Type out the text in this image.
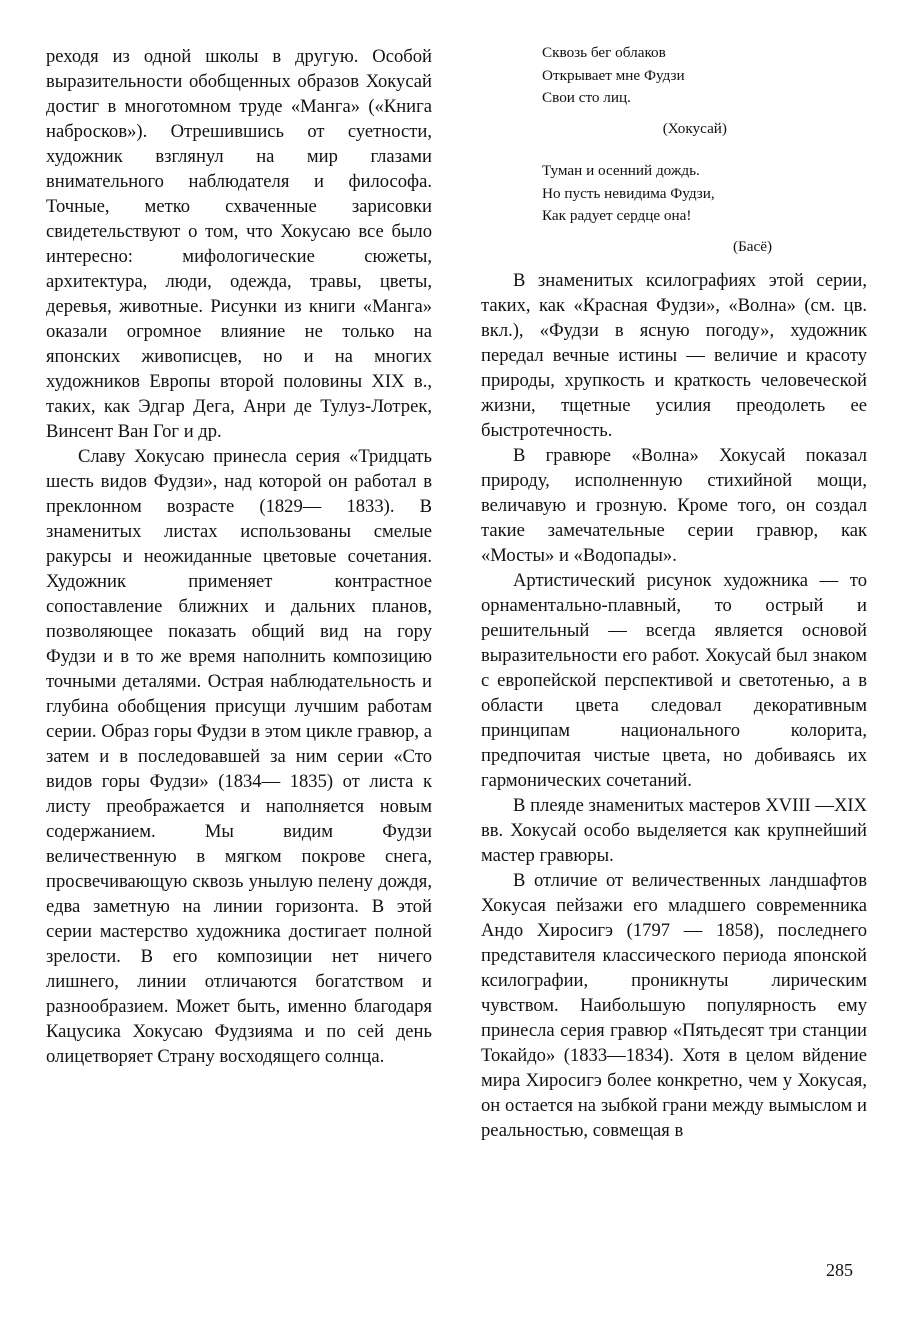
реходя из одной школы в другую. Особой выразительности обобщенных образов Хокусай достиг в многотомном труде «Манга» («Книга набросков»). Отрешившись от суетности, художник взглянул на мир глазами внимательного наблюдателя и философа. Точные, метко схваченные зарисовки свидетельствуют о том, что Хокусаю все было интересно: мифологические сюжеты, архитектура, люди, одежда, травы, цветы, деревья, животные. Рисунки из книги «Манга» оказали огромное влияние не только на японских живописцев, но и на многих художников Европы второй половины XIX в., таких, как Эдгар Дега, Анри де Тулуз-Лотрек, Винсент Ван Гог и др.

Славу Хокусаю принесла серия «Тридцать шесть видов Фудзи», над которой он работал в преклонном возрасте (1829— 1833). В знаменитых листах использованы смелые ракурсы и неожиданные цветовые сочетания. Художник применяет контрастное сопоставление ближних и дальних планов, позволяющее показать общий вид на гору Фудзи и в то же время наполнить композицию точными деталями. Острая наблюдательность и глубина обобщения присущи лучшим работам серии. Образ горы Фудзи в этом цикле гравюр, а затем и в последовавшей за ним серии «Сто видов горы Фудзи» (1834— 1835) от листа к листу преображается и наполняется новым содержанием. Мы видим Фудзи величественную в мягком покрове снега, просвечивающую сквозь унылую пелену дождя, едва заметную на линии горизонта. В этой серии мастерство художника достигает полной зрелости. В его композиции нет ничего лишнего, линии отличаются богатством и разнообразием. Может быть, именно благодаря Кацусика Хокусаю Фудзияма и по сей день олицетворяет Страну восходящего солнца.

Сквозь бег облаков
Открывает мне Фудзи
Свои сто лиц.
(Хокусай)
Туман и осенний дождь.
Но пусть невидима Фудзи,
Как радует сердце она!
(Басё)

В знаменитых ксилографиях этой серии, таких, как «Красная Фудзи», «Волна» (см. цв. вкл.), «Фудзи в ясную погоду», художник передал вечные истины — величие и красоту природы, хрупкость и краткость человеческой жизни, тщетные усилия преодолеть ее быстротечность.

В гравюре «Волна» Хокусай показал природу, исполненную стихийной мощи, величавую и грозную. Кроме того, он создал такие замечательные серии гравюр, как «Мосты» и «Водопады».

Артистический рисунок художника — то орнаментально-плавный, то острый и решительный — всегда является основой выразительности его работ. Хокусай был знаком с европейской перспективой и светотенью, а в области цвета следовал декоративным принципам национального колорита, предпочитая чистые цвета, но добиваясь их гармонических сочетаний.

В плеяде знаменитых мастеров XVIII —XIX вв. Хокусай особо выделяется как крупнейший мастер гравюры.

В отличие от величественных ландшафтов Хокусая пейзажи его младшего современника Андо Хиросигэ (1797 — 1858), последнего представителя классического периода японской ксилографии, проникнуты лирическим чувством. Наибольшую популярность ему принесла серия гравюр «Пятьдесят три станции Токайдо» (1833—1834). Хотя в целом вйдение мира Хиросигэ более конкретно, чем у Хокусая, он остается на зыбкой грани между вымыслом и реальностью, совмещая в

285
